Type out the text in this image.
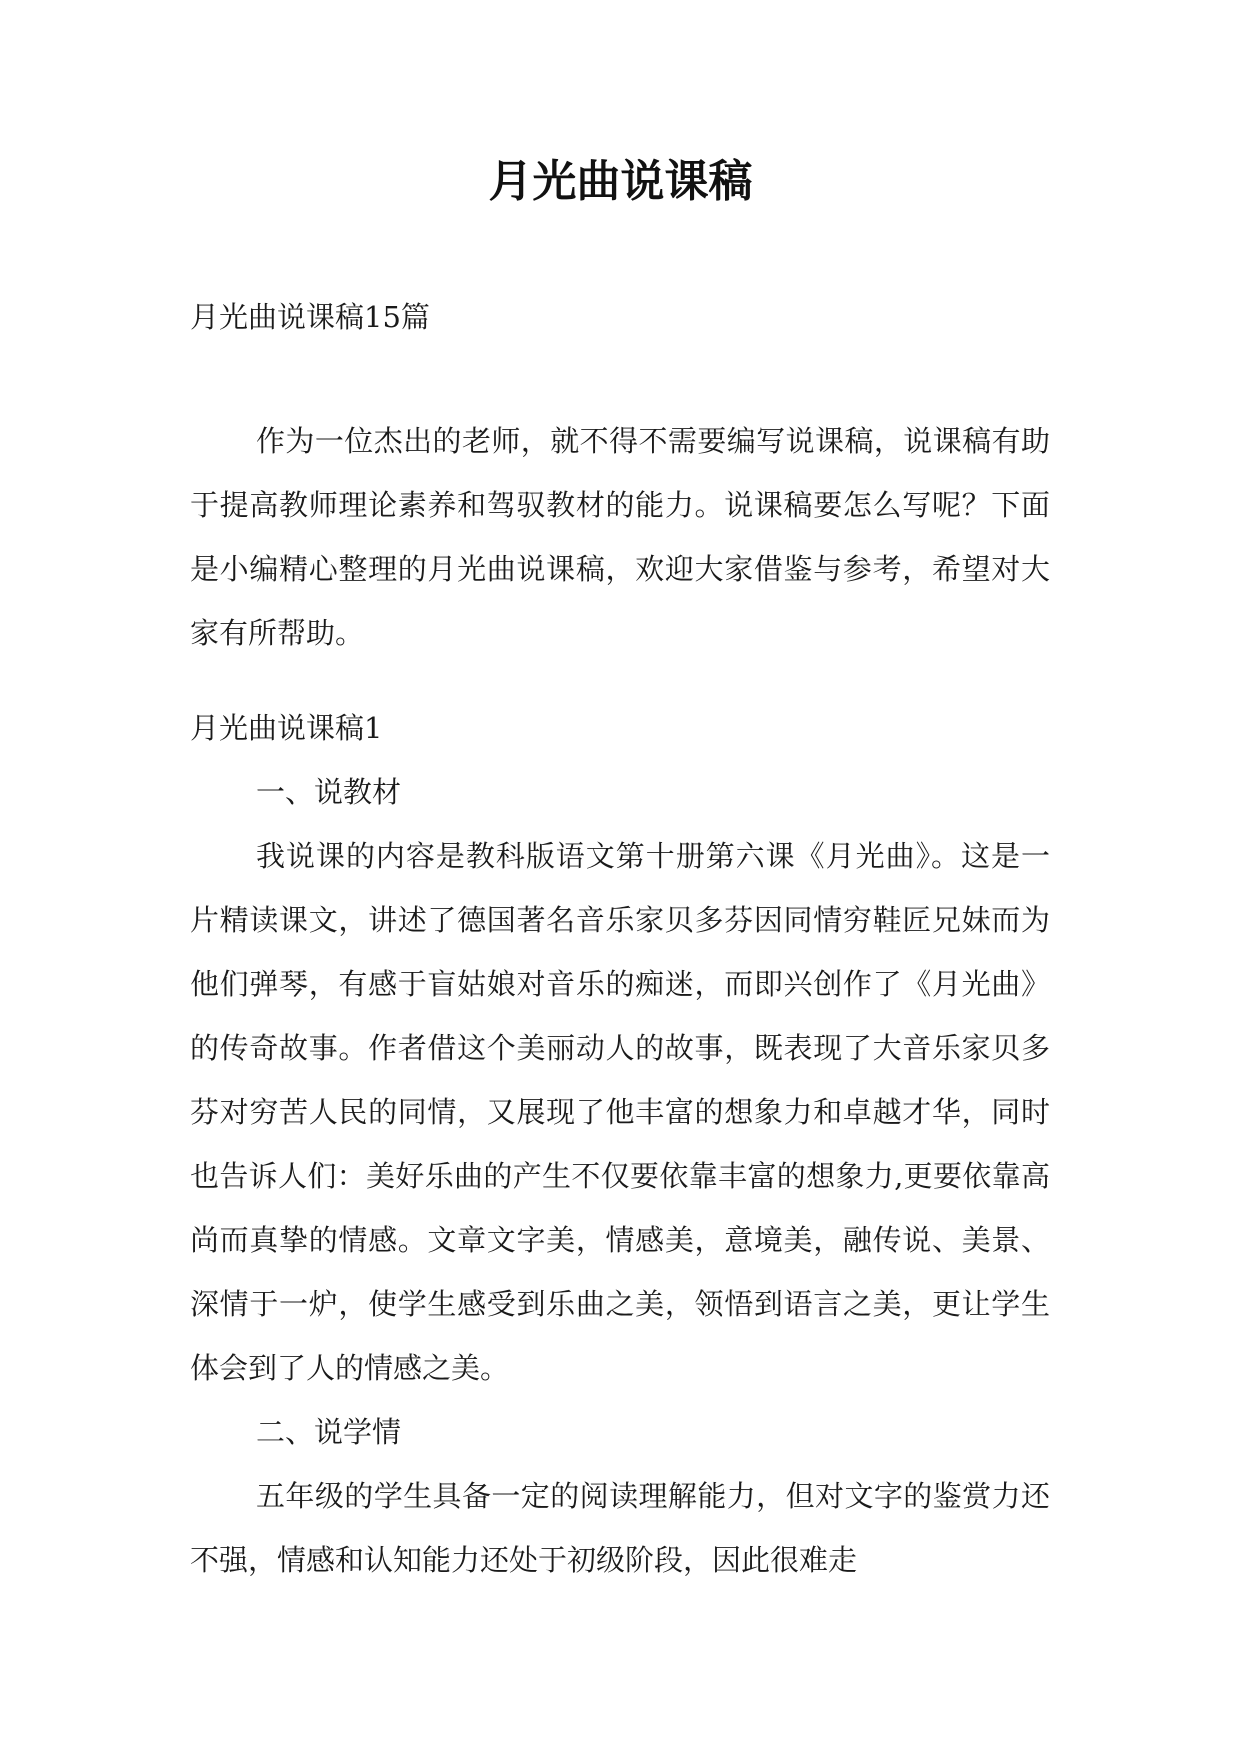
月光曲说课稿

月光曲说课稿15篇

作为一位杰出的老师，就不得不需要编写说课稿，说课稿有助于提高教师理论素养和驾驭教材的能力。说课稿要怎么写呢？下面是小编精心整理的月光曲说课稿，欢迎大家借鉴与参考，希望对大家有所帮助。

月光曲说课稿1

一、说教材

我说课的内容是教科版语文第十册第六课《月光曲》。这是一片精读课文，讲述了德国著名音乐家贝多芬因同情穷鞋匠兄妹而为他们弹琴，有感于盲姑娘对音乐的痴迷，而即兴创作了《月光曲》的传奇故事。作者借这个美丽动人的故事，既表现了大音乐家贝多芬对穷苦人民的同情，又展现了他丰富的想象力和卓越才华，同时也告诉人们：美好乐曲的产生不仅要依靠丰富的想象力,更要依靠高尚而真挚的情感。文章文字美，情感美，意境美，融传说、美景、深情于一炉，使学生感受到乐曲之美，领悟到语言之美，更让学生体会到了人的情感之美。

二、说学情

五年级的学生具备一定的阅读理解能力，但对文字的鉴赏力还不强，情感和认知能力还处于初级阶段，因此很难走
